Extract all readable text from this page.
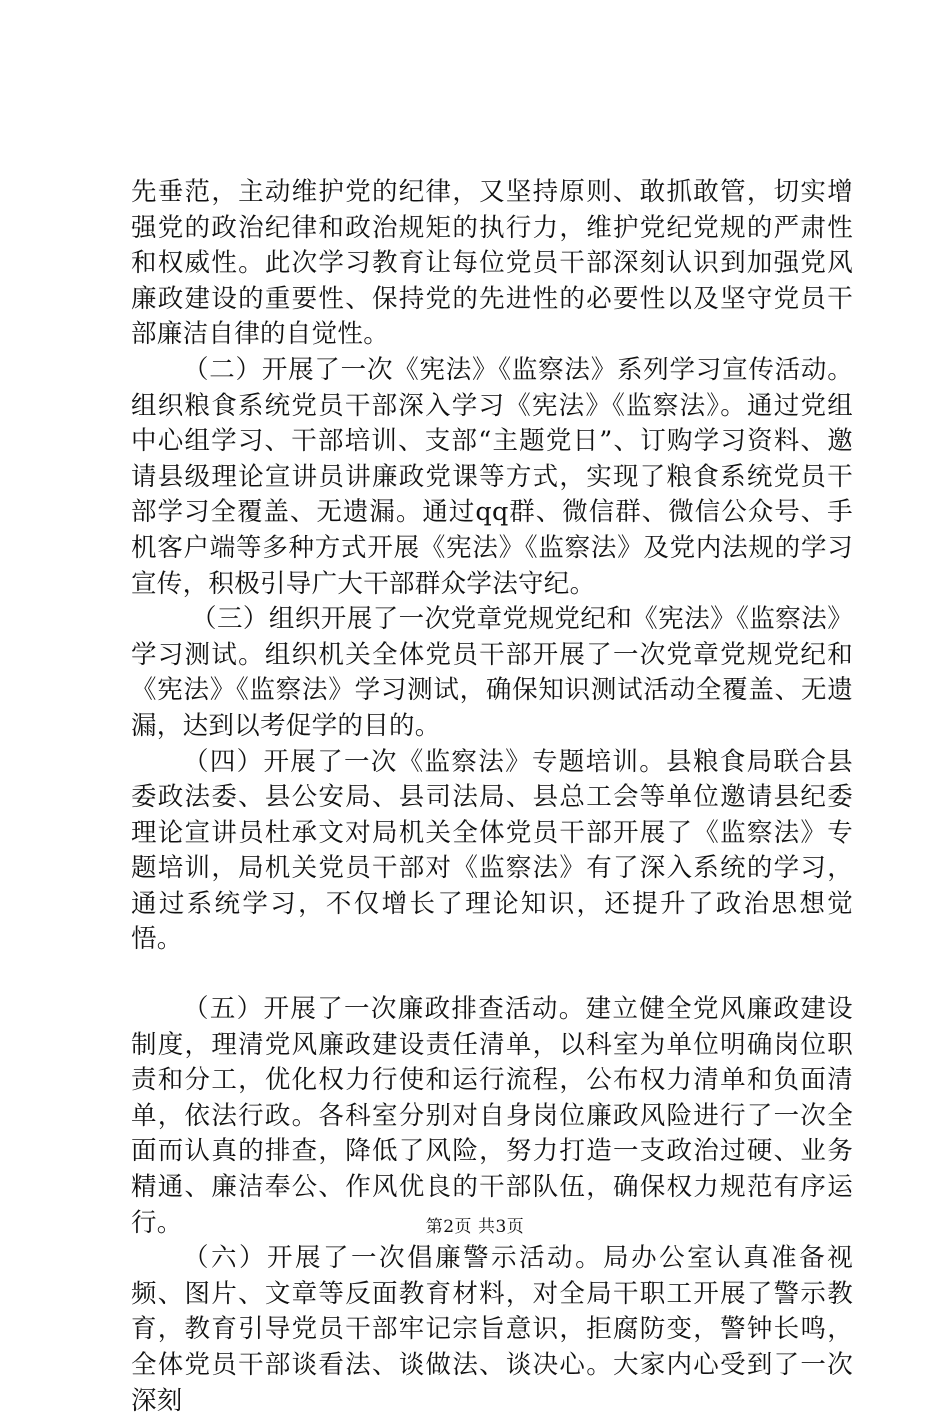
先垂范，主动维护党的纪律，又坚持原则、敢抓敢管，切实增强党的政治纪律和政治规矩的执行力，维护党纪党规的严肃性和权威性。此次学习教育让每位党员干部深刻认识到加强党风廉政建设的重要性、保持党的先进性的必要性以及坚守党员干部廉洁自律的自觉性。

（二）开展了一次《宪法》《监察法》系列学习宣传活动。组织粮食系统党员干部深入学习《宪法》《监察法》。通过党组中心组学习、干部培训、支部“主题党日”、订购学习资料、邀请县级理论宣讲员讲廉政党课等方式，实现了粮食系统党员干部学习全覆盖、无遗漏。通过qq群、微信群、微信公众号、手机客户端等多种方式开展《宪法》《监察法》及党内法规的学习宣传，积极引导广大干部群众学法守纪。

（三）组织开展了一次党章党规党纪和《宪法》《监察法》学习测试。组织机关全体党员干部开展了一次党章党规党纪和《宪法》《监察法》学习测试，确保知识测试活动全覆盖、无遗漏，达到以考促学的目的。

（四）开展了一次《监察法》专题培训。县粮食局联合县委政法委、县公安局、县司法局、县总工会等单位邀请县纪委理论宣讲员杜承文对局机关全体党员干部开展了《监察法》专题培训，局机关党员干部对《监察法》有了深入系统的学习，通过系统学习，不仅增长了理论知识，还提升了政治思想觉悟。

（五）开展了一次廉政排查活动。建立健全党风廉政建设制度，理清党风廉政建设责任清单，以科室为单位明确岗位职责和分工，优化权力行使和运行流程，公布权力清单和负面清单，依法行政。各科室分别对自身岗位廉政风险进行了一次全面而认真的排查，降低了风险，努力打造一支政治过硬、业务精通、廉洁奉公、作风优良的干部队伍，确保权力规范有序运行。

（六）开展了一次倡廉警示活动。局办公室认真准备视频、图片、文章等反面教育材料，对全局干职工开展了警示教育，教育引导党员干部牢记宗旨意识，拒腐防变，警钟长鸣，全体党员干部谈看法、谈做法、谈决心。大家内心受到了一次深刻

第2页 共3页
